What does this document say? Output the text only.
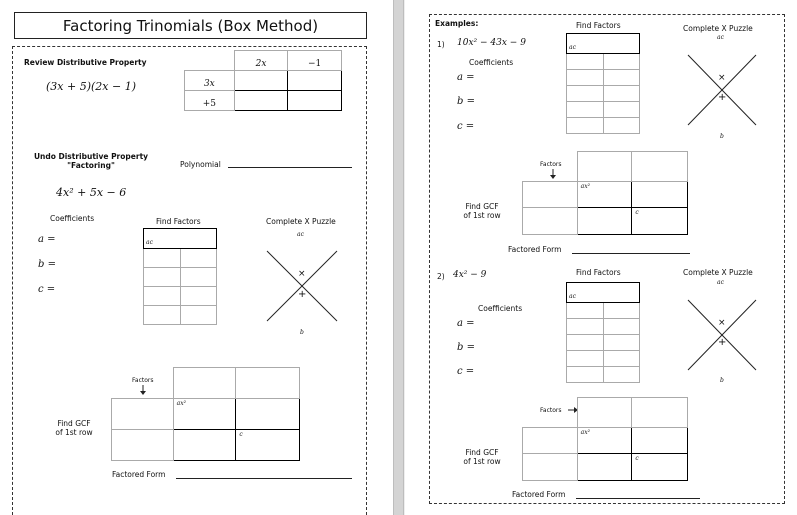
Factoring Trinomials (Box Method)
Review Distributive Property
(3x + 5)(2x − 1)
	2x	−1
3x		
+5		
Undo Distributive Property
"Factoring"	Polynomial
4x² + 5x − 6
Coefficients
a =
b =
c =
Find Factors
ac	

Complete X Puzzle
ac
×
+
b
Factors

	ax²	

		c
Find GCF
of 1st row
Factored Form
Examples:
1) 10x² − 43x − 9
Coefficients
a =
b =
c =
Find Factors
ac	

Complete X Puzzle
ac
×
+
b
Factors

	ax²	

		c
Find GCF
of 1st row
Factored Form
2) 4x² − 9
Coefficients
a =
b =
c =
Find Factors
ac	

Complete X Puzzle
ac
×
+
b
Factors

	ax²	

		c
Find GCF
of 1st row
Factored Form
